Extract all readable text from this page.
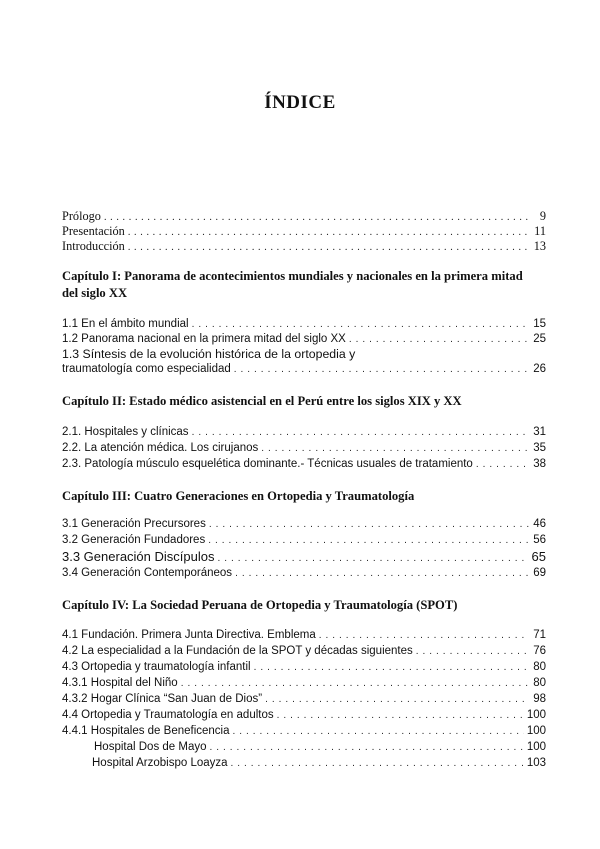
ÍNDICE
Prólogo . . .	9
Presentación . . .	11
Introducción . . .	13
Capítulo I: Panorama de acontecimientos mundiales y nacionales en la primera mitad del siglo XX
1.1 En el ámbito mundial . . .	15
1.2 Panorama nacional en la primera mitad del siglo XX . . .	25
1.3 Síntesis de la evolución histórica de la ortopedia y
traumatología como especialidad . . .	26
Capítulo II: Estado médico asistencial en el Perú entre los siglos XIX y XX
2.1. Hospitales y clínicas . . .	31
2.2. La atención médica. Los cirujanos . . .	35
2.3. Patología músculo esquelética dominante.- Técnicas usuales de tratamiento . . .	38
Capítulo III: Cuatro Generaciones en Ortopedia y Traumatología
3.1 Generación Precursores . . .	46
3.2 Generación Fundadores . . .	56
3.3 Generación Discípulos . . .	65
3.4 Generación Contemporáneos . . .	69
Capítulo IV: La Sociedad Peruana de Ortopedia y Traumatología (SPOT)
4.1 Fundación. Primera Junta Directiva. Emblema . . .	71
4.2 La especialidad a la Fundación de la SPOT y décadas siguientes . . .	76
4.3 Ortopedia y traumatología infantil . . .	80
4.3.1 Hospital del Niño . . .	80
4.3.2 Hogar Clínica “San Juan de Dios” . . .	98
4.4 Ortopedia y Traumatología en adultos . . .	100
4.4.1 Hospitales de Beneficencia . . .	100
Hospital Dos de Mayo . . .	100
Hospital Arzobispo Loayza . . .	103
